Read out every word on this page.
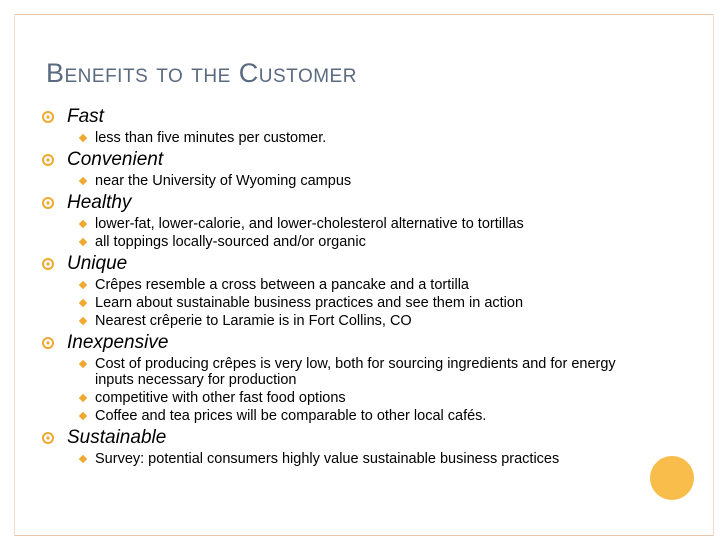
Benefits to the Customer
Fast
less than five minutes per customer.
Convenient
near the University of Wyoming campus
Healthy
lower-fat, lower-calorie, and lower-cholesterol alternative to tortillas
all toppings locally-sourced and/or organic
Unique
Crêpes resemble a cross between a pancake and a tortilla
Learn about sustainable business practices and see them in action
Nearest crêperie to Laramie is in Fort Collins, CO
Inexpensive
Cost of producing crêpes is very low, both for sourcing ingredients and for energy inputs necessary for production
competitive with other fast food options
Coffee and tea prices will be comparable to other local cafés.
Sustainable
Survey: potential consumers highly value sustainable business practices
